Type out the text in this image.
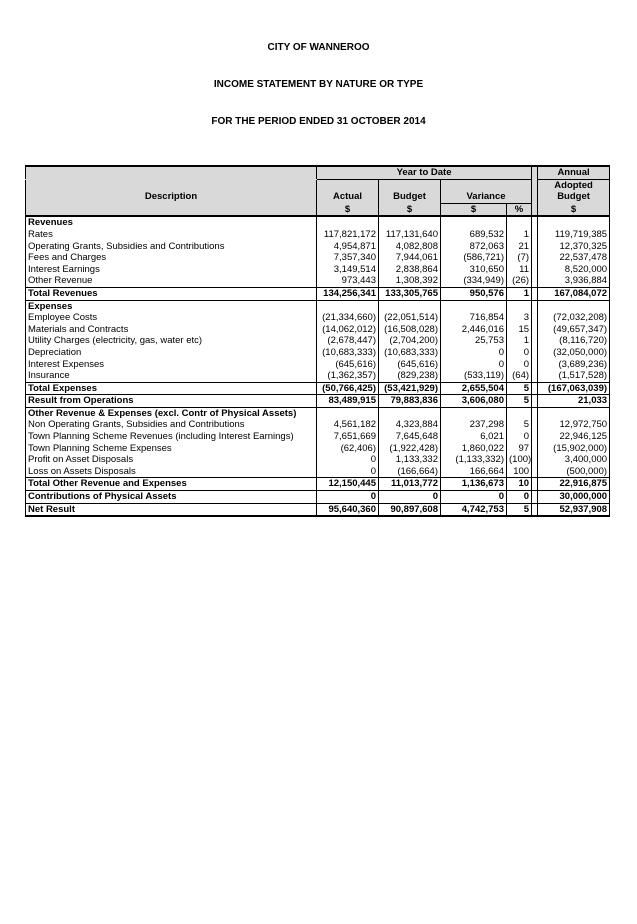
CITY OF WANNEROO
INCOME STATEMENT BY NATURE OR TYPE
FOR THE PERIOD ENDED 31 OCTOBER 2014
	Year to Date					Annual
						Adopted
Description	Actual	Budget	Variance			Budget
	$	$	$	%		$
Revenues						
Rates	117,821,172	117,131,640	689,532	1		119,719,385
Operating Grants, Subsidies and Contributions	4,954,871	4,082,808	872,063	21		12,370,325
Fees and Charges	7,357,340	7,944,061	(586,721)	(7)		22,537,478
Interest Earnings	3,149,514	2,838,864	310,650	11		8,520,000
Other Revenue	973,443	1,308,392	(334,949)	(26)		3,936,884
Total Revenues	134,256,341	133,305,765	950,576	1		167,084,072
Expenses						
Employee Costs	(21,334,660)	(22,051,514)	716,854	3		(72,032,208)
Materials and Contracts	(14,062,012)	(16,508,028)	2,446,016	15		(49,657,347)
Utility Charges (electricity, gas, water etc)	(2,678,447)	(2,704,200)	25,753	1		(8,116,720)
Depreciation	(10,683,333)	(10,683,333)	0	0		(32,050,000)
Interest Expenses	(645,616)	(645,616)	0	0		(3,689,236)
Insurance	(1,362,357)	(829,238)	(533,119)	(64)		(1,517,528)
Total Expenses	(50,766,425)	(53,421,929)	2,655,504	5		(167,063,039)
Result from Operations	83,489,915	79,883,836	3,606,080	5		21,033
Other Revenue & Expenses (excl. Contr of Physical Assets)						
Non Operating Grants, Subsidies and Contributions	4,561,182	4,323,884	237,298	5		12,972,750
Town Planning Scheme Revenues (including Interest Earnings)	7,651,669	7,645,648	6,021	0		22,946,125
Town Planning Scheme Expenses	(62,406)	(1,922,428)	1,860,022	97		(15,902,000)
Profit on Asset Disposals	0	1,133,332	(1,133,332)	(100)		3,400,000
Loss on Assets Disposals	0	(166,664)	166,664	100		(500,000)
Total Other Revenue and Expenses	12,150,445	11,013,772	1,136,673	10		22,916,875
Contributions of Physical Assets	0	0	0	0		30,000,000
Net Result	95,640,360	90,897,608	4,742,753	5		52,937,908
